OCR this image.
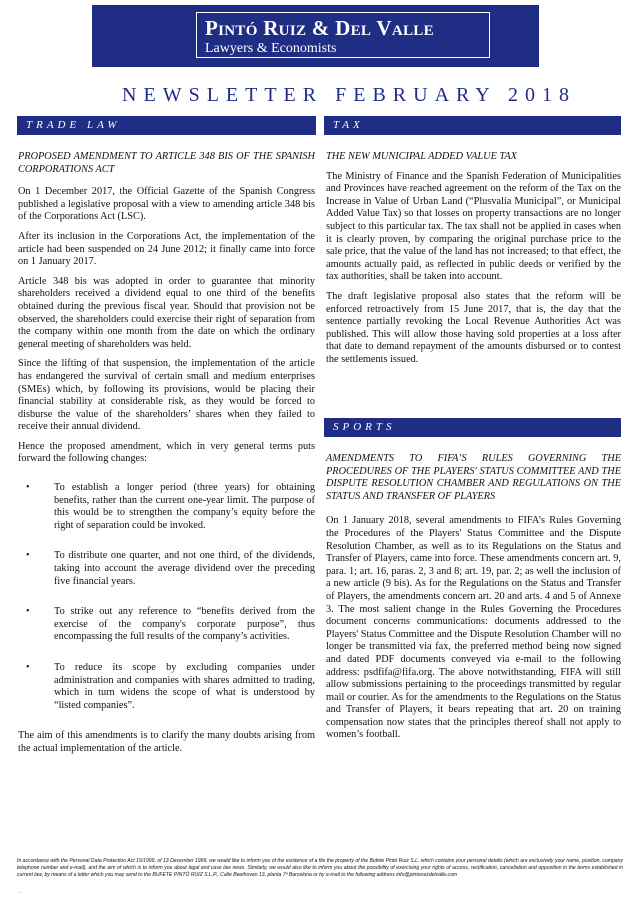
Pintó Ruiz & Del Valle
Lawyers & Economists
NEWSLETTER FEBRUARY 2018
TRADE LAW	TAX
SPORTS

PROPOSED AMENDMENT TO ARTICLE 348 BIS OF THE SPANISH CORPORATIONS ACT

On 1 December 2017, the Official Gazette of the Spanish Congress published a legislative proposal with a view to amending article 348 bis of the Corporations Act (LSC).

After its inclusion in the Corporations Act, the implementation of the article had been suspended on 24 June 2012; it finally came into force on 1 January 2017.

Article 348 bis was adopted in order to guarantee that minority shareholders received a dividend equal to one third of the benefits obtained during the previous fiscal year. Should that provision not be observed, the shareholders could exercise their right of separation from the company within one month from the date on which the ordinary general meeting of shareholders was held.

Since the lifting of that suspension, the implementation of the article has endangered the survival of certain small and medium enterprises (SMEs) which, by following its provisions, would be placing their financial stability at considerable risk, as they would be forced to disburse the value of the shareholders’ shares when they failed to receive their annual dividend.

Hence the proposed amendment, which in very general terms puts forward the following changes:

• To establish a longer period (three years) for obtaining benefits, rather than the current one-year limit. The purpose of this would be to strengthen the company’s equity before the right of separation could be invoked.
• To distribute one quarter, and not one third, of the dividends, taking into account the average dividend over the preceding five financial years.
• To strike out any reference to “benefits derived from the exercise of the company's corporate purpose”, thus encompassing the full results of the company’s activities.
• To reduce its scope by excluding companies under administration and companies with shares admitted to trading, which in turn widens the scope of what is understood by “listed companies”.

The aim of this amendments is to clarify the many doubts arising from the actual implementation of the article.

THE NEW MUNICIPAL ADDED VALUE TAX

The Ministry of Finance and the Spanish Federation of Municipalities and Provinces have reached agreement on the reform of the Tax on the Increase in Value of Urban Land (“Plusvalía Municipal”, or Municipal Added Value Tax) so that losses on property transactions are no longer subject to this particular tax. The tax shall not be applied in cases when it is clearly proven, by comparing the original purchase price to the sale price, that the value of the land has not increased; to that effect, the amounts actually paid, as reflected in public deeds or verified by the tax authorities, shall be taken into account.

The draft legislative proposal also states that the reform will be enforced retroactively from 15 June 2017, that is, the day that the sentence partially revoking the Local Revenue Authorities Act was published. This will allow those having sold properties at a loss after that date to demand repayment of the amounts disbursed or to contest the settlements issued.

AMENDMENTS TO FIFA’S RULES GOVERNING THE PROCEDURES OF THE PLAYERS' STATUS COMMITTEE AND THE DISPUTE RESOLUTION CHAMBER AND REGULATIONS ON THE STATUS AND TRANSFER OF PLAYERS

On 1 January 2018, several amendments to FIFA’s Rules Governing the Procedures of the Players' Status Committee and the Dispute Resolution Chamber, as well as to its Regulations on the Status and Transfer of Players, came into force. These amendments concern art. 9, para. 1; art. 16, paras. 2, 3 and 8; art. 19, par. 2; as well the inclusion of a new article (9 bis). As for the Regulations on the Status and Transfer of Players, the amendments concern art. 20 and arts. 4 and 5 of Annexe 3. The most salient change in the Rules Governing the Procedures document concerns communications: documents addressed to the Players' Status Committee and the Dispute Resolution Chamber will no longer be transmitted via fax, the preferred method being now signed and dated PDF documents conveyed via e-mail to the following address: psdfifa@fifa.org. The above notwithstanding, FIFA will still allow submissions pertaining to the proceedings transmitted by regular mail or courier. As for the amendments to the Regulations on the Status and Transfer of Players, it bears repeating that art. 20 on training compensation now states that the principles thereof shall not apply to women’s football.

In accordance with the Personal Data Protection Act 15/1999, of 13 December 1999, we would like to inform you of the existence of a file the property of the Bufete Pintó Ruiz S.L. which contains your personal details (which are exclusively your name, position, company telephone number and e-mail), and the aim of which is to inform you about legal and case law news. Similarly, we would also like to inform you about the possibility of exercising your rights of access, rectification, cancellation and opposition in the terms established in current law, by means of a letter which you may send to the BUFETE PINTÓ RUIZ S.L.P., Calle Beethoven 13, planta 7ª Barcelona or by e-mail to the following address info@pintoruizdelvalle.com
.
